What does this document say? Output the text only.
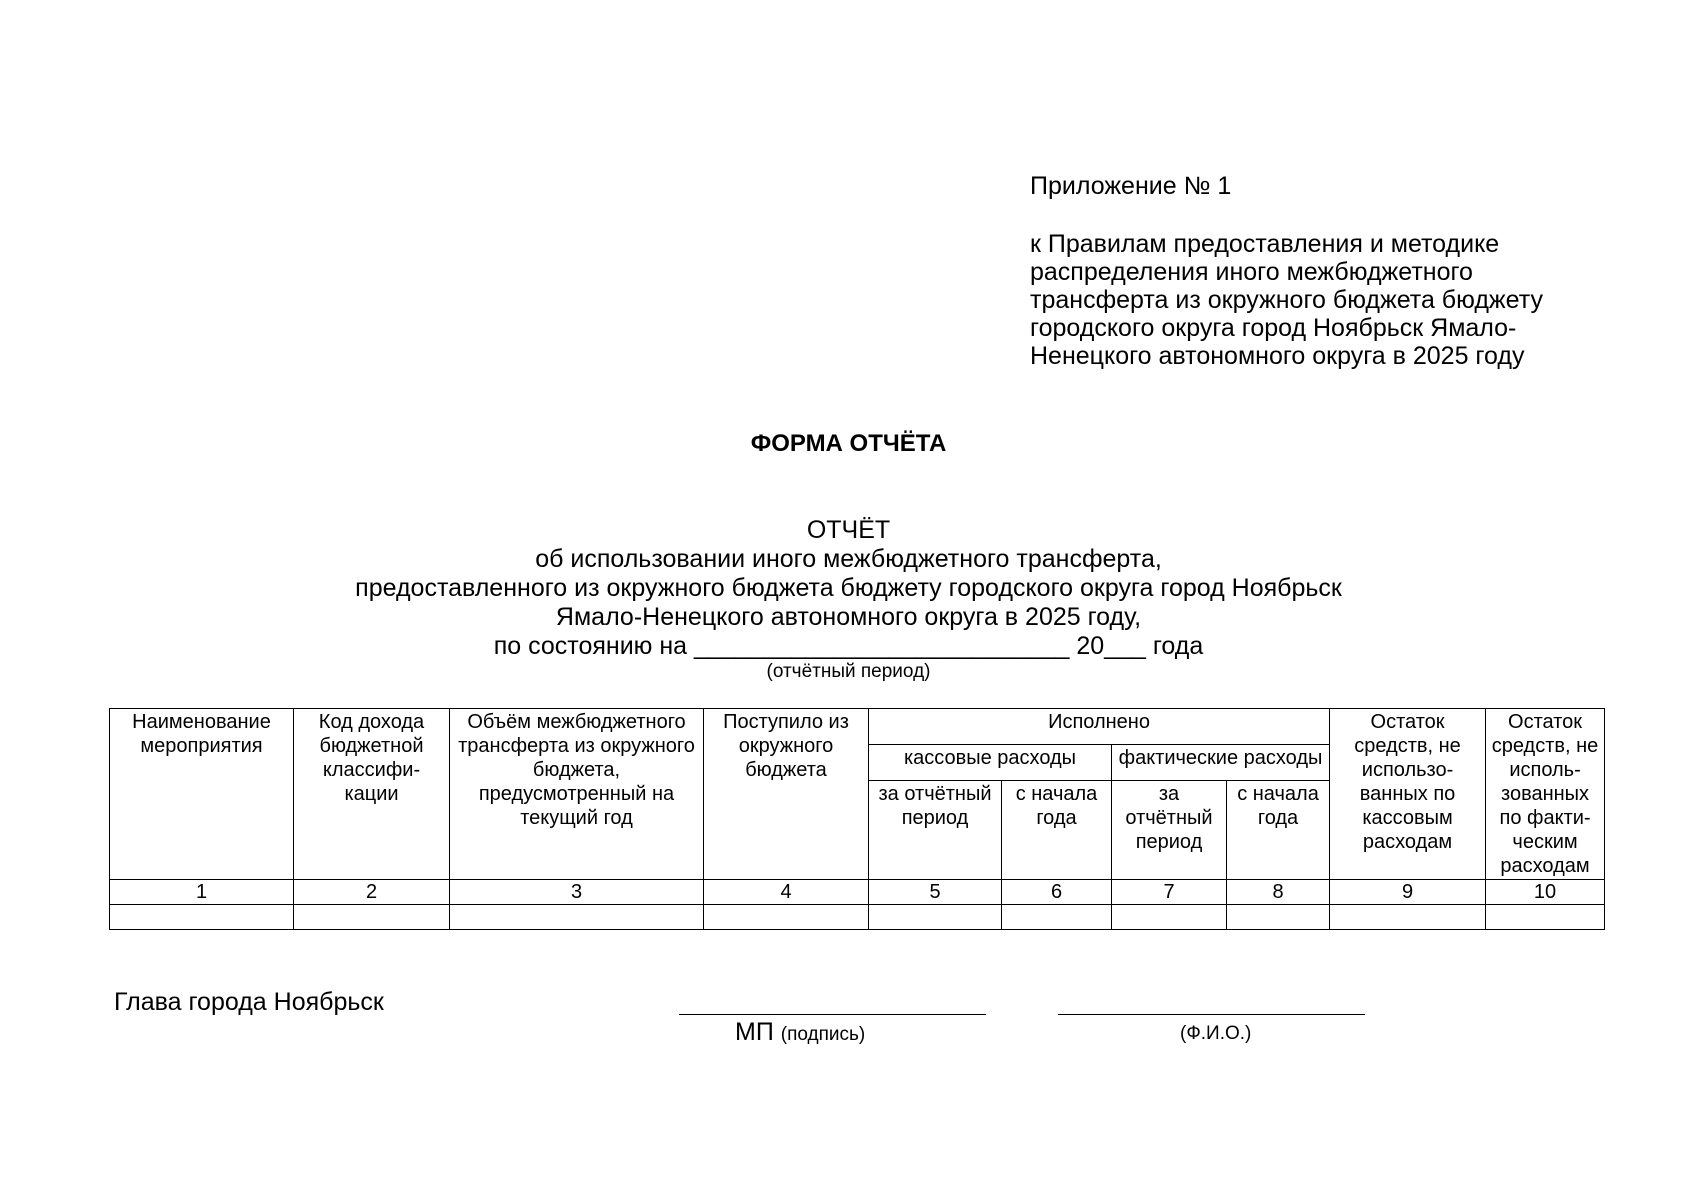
Приложение № 1
к Правилам предоставления и методике
распределения иного межбюджетного
трансферта из окружного бюджета бюджету
городского округа город Ноябрьск Ямало-
Ненецкого автономного округа в 2025 году
ФОРМА ОТЧЁТА
ОТЧЁТ
об использовании иного межбюджетного трансферта,
предоставленного из окружного бюджета бюджету городского округа город Ноябрьск
Ямало-Ненецкого автономного округа в 2025 году,
по состоянию на ___________________________ 20___ года
(отчётный период)
Наименование мероприятия	Код дохода бюджетной классифи-кации	Объём межбюджетного трансферта из окружного бюджета, предусмотренный на текущий год	Поступило из окружного бюджета	Исполнено				Остаток средств, не использо-ванных по кассовым расходам	Остаток средств, не исполь-зованных по факти-ческим расходам
				кассовые расходы		фактические расходы			
				за отчётный период	с начала года	за отчётный период	с начала года		
1	2	3	4	5	6	7	8	9	10

Глава города Ноябрьск
МП (подпись)	(Ф.И.О.)
